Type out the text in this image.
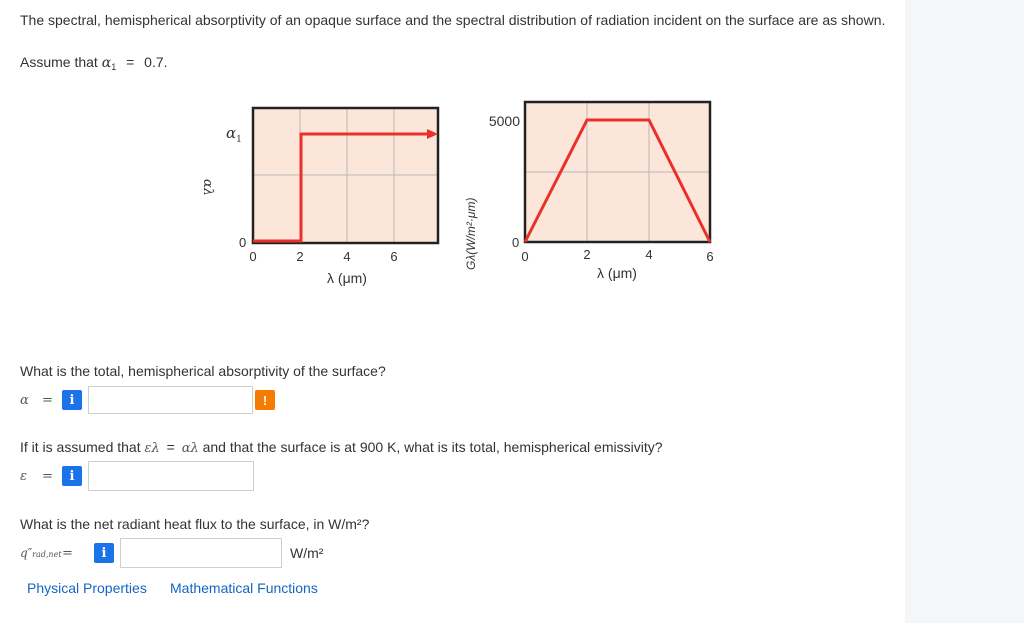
The spectral, hemispherical absorptivity of an opaque surface and the spectral distribution of radiation incident on the surface are as shown.
Assume that $\alpha_1 = 0.7$.
$\alpha_1$
αλ
0
0	2	4	6
λ (μm)
Gλ(W/m²·μm)
5000
0
0	2	4	6
λ (μm)
What is the total, hemispherical absorptivity of the surface?
α	=	i	!
If it is assumed that ελ = αλ and that the surface is at 900 K, what is its total, hemispherical emissivity?
ε	=	i
What is the net radiant heat flux to the surface, in W/m²?
q″rad,net =	i	W/m²
Physical Properties Mathematical Functions
